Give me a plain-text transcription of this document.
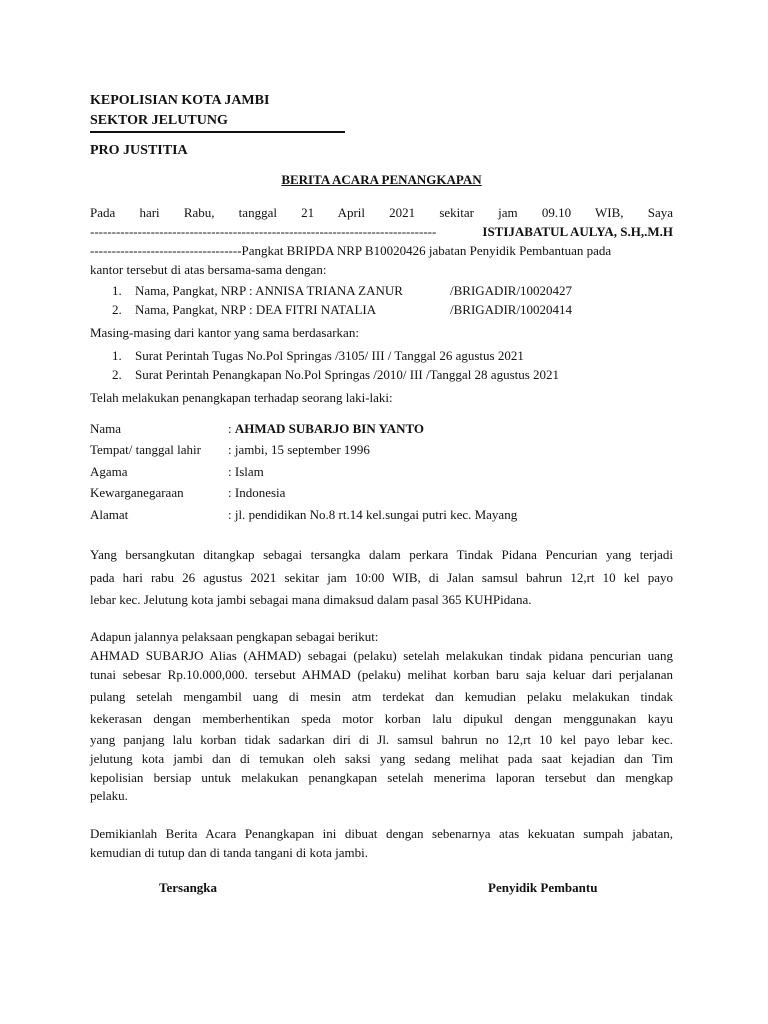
KEPOLISIAN KOTA JAMBI
SEKTOR JELUTUNG
PRO JUSTITIA
BERITA ACARA PENANGKAPAN
Pada hari Rabu, tanggal 21 April 2021 sekitar jam 09.10 WIB, Saya
--------------------------------------------------------------------------------	ISTIJABATUL AULYA, S.H,.M.H
-----------------------------------Pangkat BRIPDA NRP B10020426 jabatan Penyidik Pembantuan pada
kantor tersebut di atas bersama-sama dengan:
1. Nama, Pangkat, NRP : ANNISA TRIANA ZANUR	/BRIGADIR/10020427
2. Nama, Pangkat, NRP : DEA FITRI NATALIA	/BRIGADIR/10020414
Masing-masing dari kantor yang sama berdasarkan:
1. Surat Perintah Tugas No.Pol Springas /3105/ III / Tanggal 26 agustus 2021
2. Surat Perintah Penangkapan No.Pol Springas /2010/ III /Tanggal 28 agustus 2021
Telah melakukan penangkapan terhadap seorang laki-laki:
Nama	: AHMAD SUBARJO BIN YANTO
Tempat/ tanggal lahir : jambi, 15 september 1996
Agama	: Islam
Kewarganegaraan	: Indonesia
Alamat	: jl. pendidikan No.8 rt.14 kel.sungai putri kec. Mayang
Yang bersangkutan ditangkap sebagai tersangka dalam perkara Tindak Pidana Pencurian yang terjadi
pada hari rabu 26 agustus 2021 sekitar jam 10:00 WIB, di Jalan samsul bahrun 12,rt 10 kel payo
lebar kec. Jelutung kota jambi sebagai mana dimaksud dalam pasal 365 KUHPidana.
Adapun jalannya pelaksaan pengkapan sebagai berikut:
AHMAD SUBARJO Alias (AHMAD) sebagai (pelaku) setelah melakukan tindak pidana pencurian uang
tunai sebesar Rp.10.000,000. tersebut AHMAD (pelaku) melihat korban baru saja keluar dari perjalanan
pulang setelah mengambil uang di mesin atm terdekat dan kemudian pelaku melakukan tindak
kekerasan dengan memberhentikan speda motor korban lalu dipukul dengan menggunakan kayu
yang panjang lalu korban tidak sadarkan diri di Jl. samsul bahrun no 12,rt 10 kel payo lebar kec.
jelutung kota jambi dan di temukan oleh saksi yang sedang melihat pada saat kejadian dan Tim
kepolisian bersiap untuk melakukan penangkapan setelah menerima laporan tersebut dan mengkap
pelaku.
Demikianlah Berita Acara Penangkapan ini dibuat dengan sebenarnya atas kekuatan sumpah jabatan,
kemudian di tutup dan di tanda tangani di kota jambi.
Tersangka	Penyidik Pembantu
